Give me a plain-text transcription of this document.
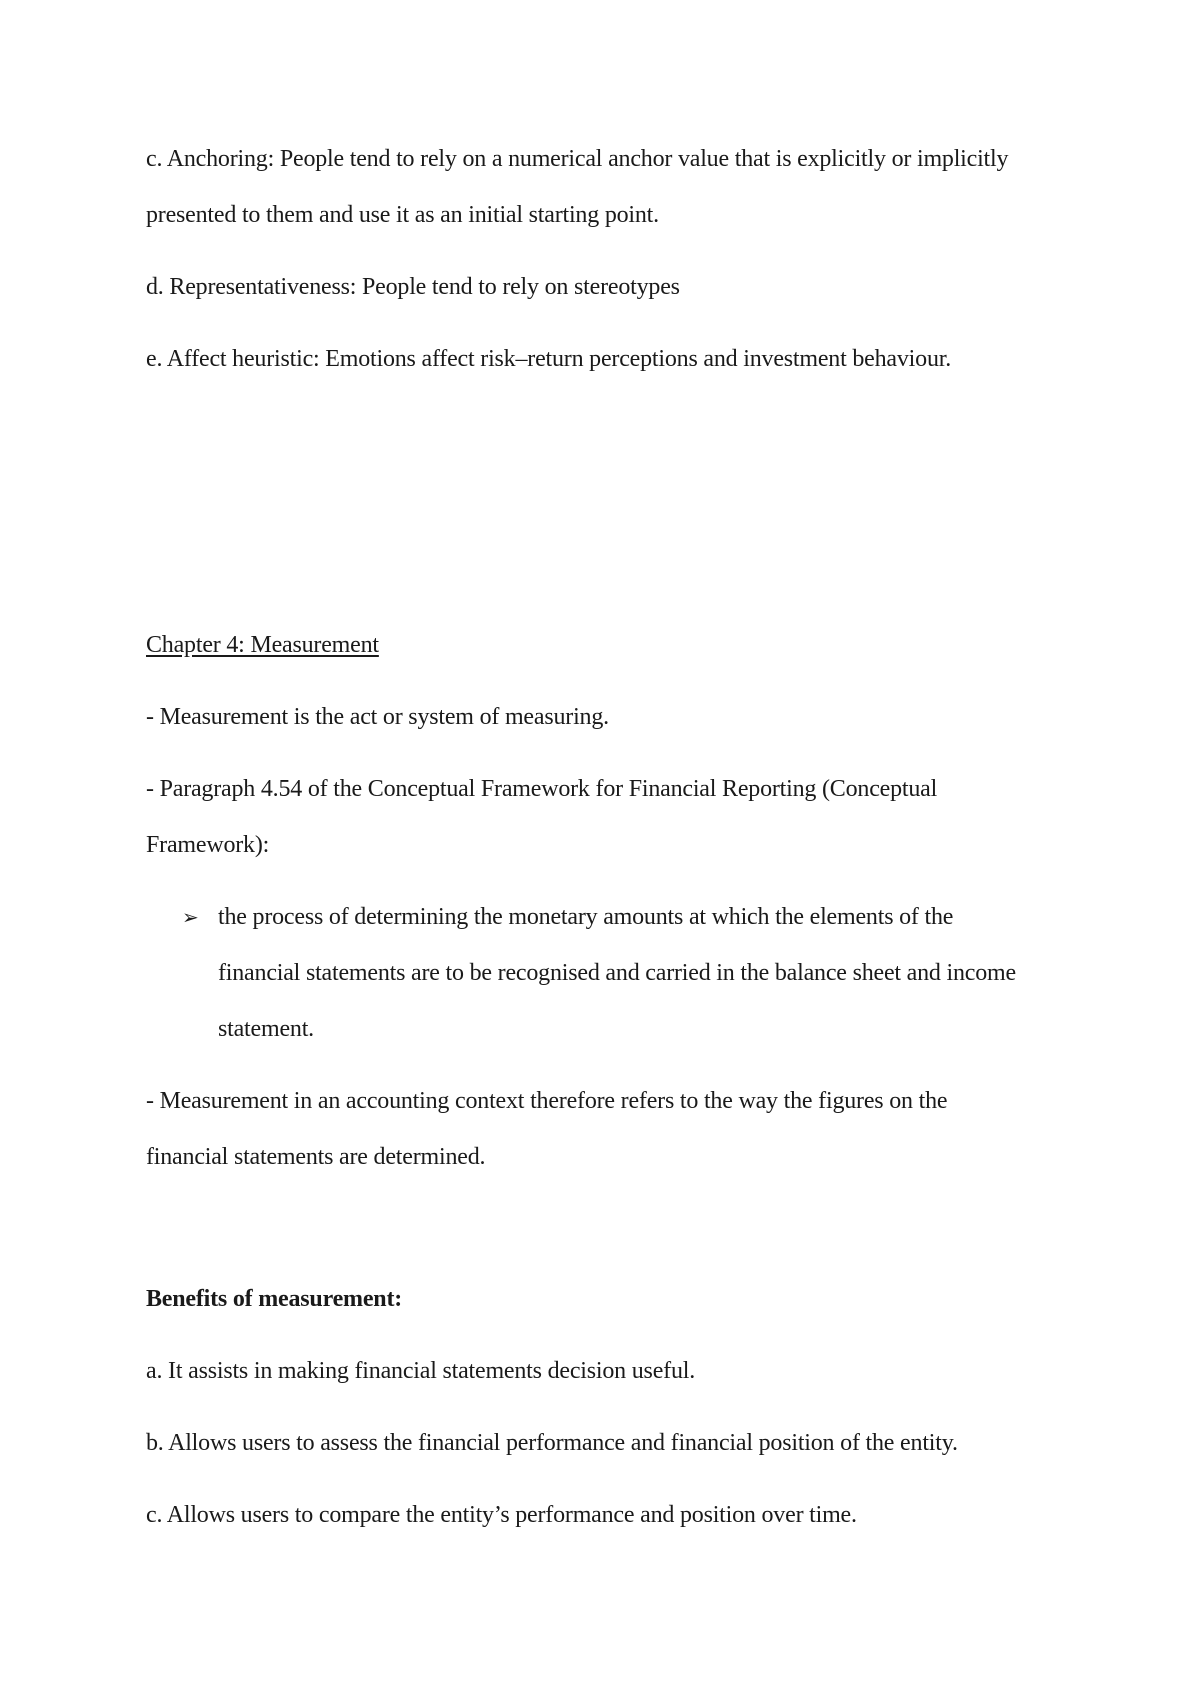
c. Anchoring: People tend to rely on a numerical anchor value that is explicitly or implicitly
presented to them and use it as an initial starting point.
d. Representativeness: People tend to rely on stereotypes
e. Affect heuristic: Emotions affect risk–return perceptions and investment behaviour.
Chapter 4: Measurement
- Measurement is the act or system of measuring.
- Paragraph 4.54 of the Conceptual Framework for Financial Reporting (Conceptual
Framework):
➢ the process of determining the monetary amounts at which the elements of the
financial statements are to be recognised and carried in the balance sheet and income
statement.
- Measurement in an accounting context therefore refers to the way the figures on the
financial statements are determined.
Benefits of measurement:
a. It assists in making financial statements decision useful.
b. Allows users to assess the financial performance and financial position of the entity.
c. Allows users to compare the entity’s performance and position over time.
